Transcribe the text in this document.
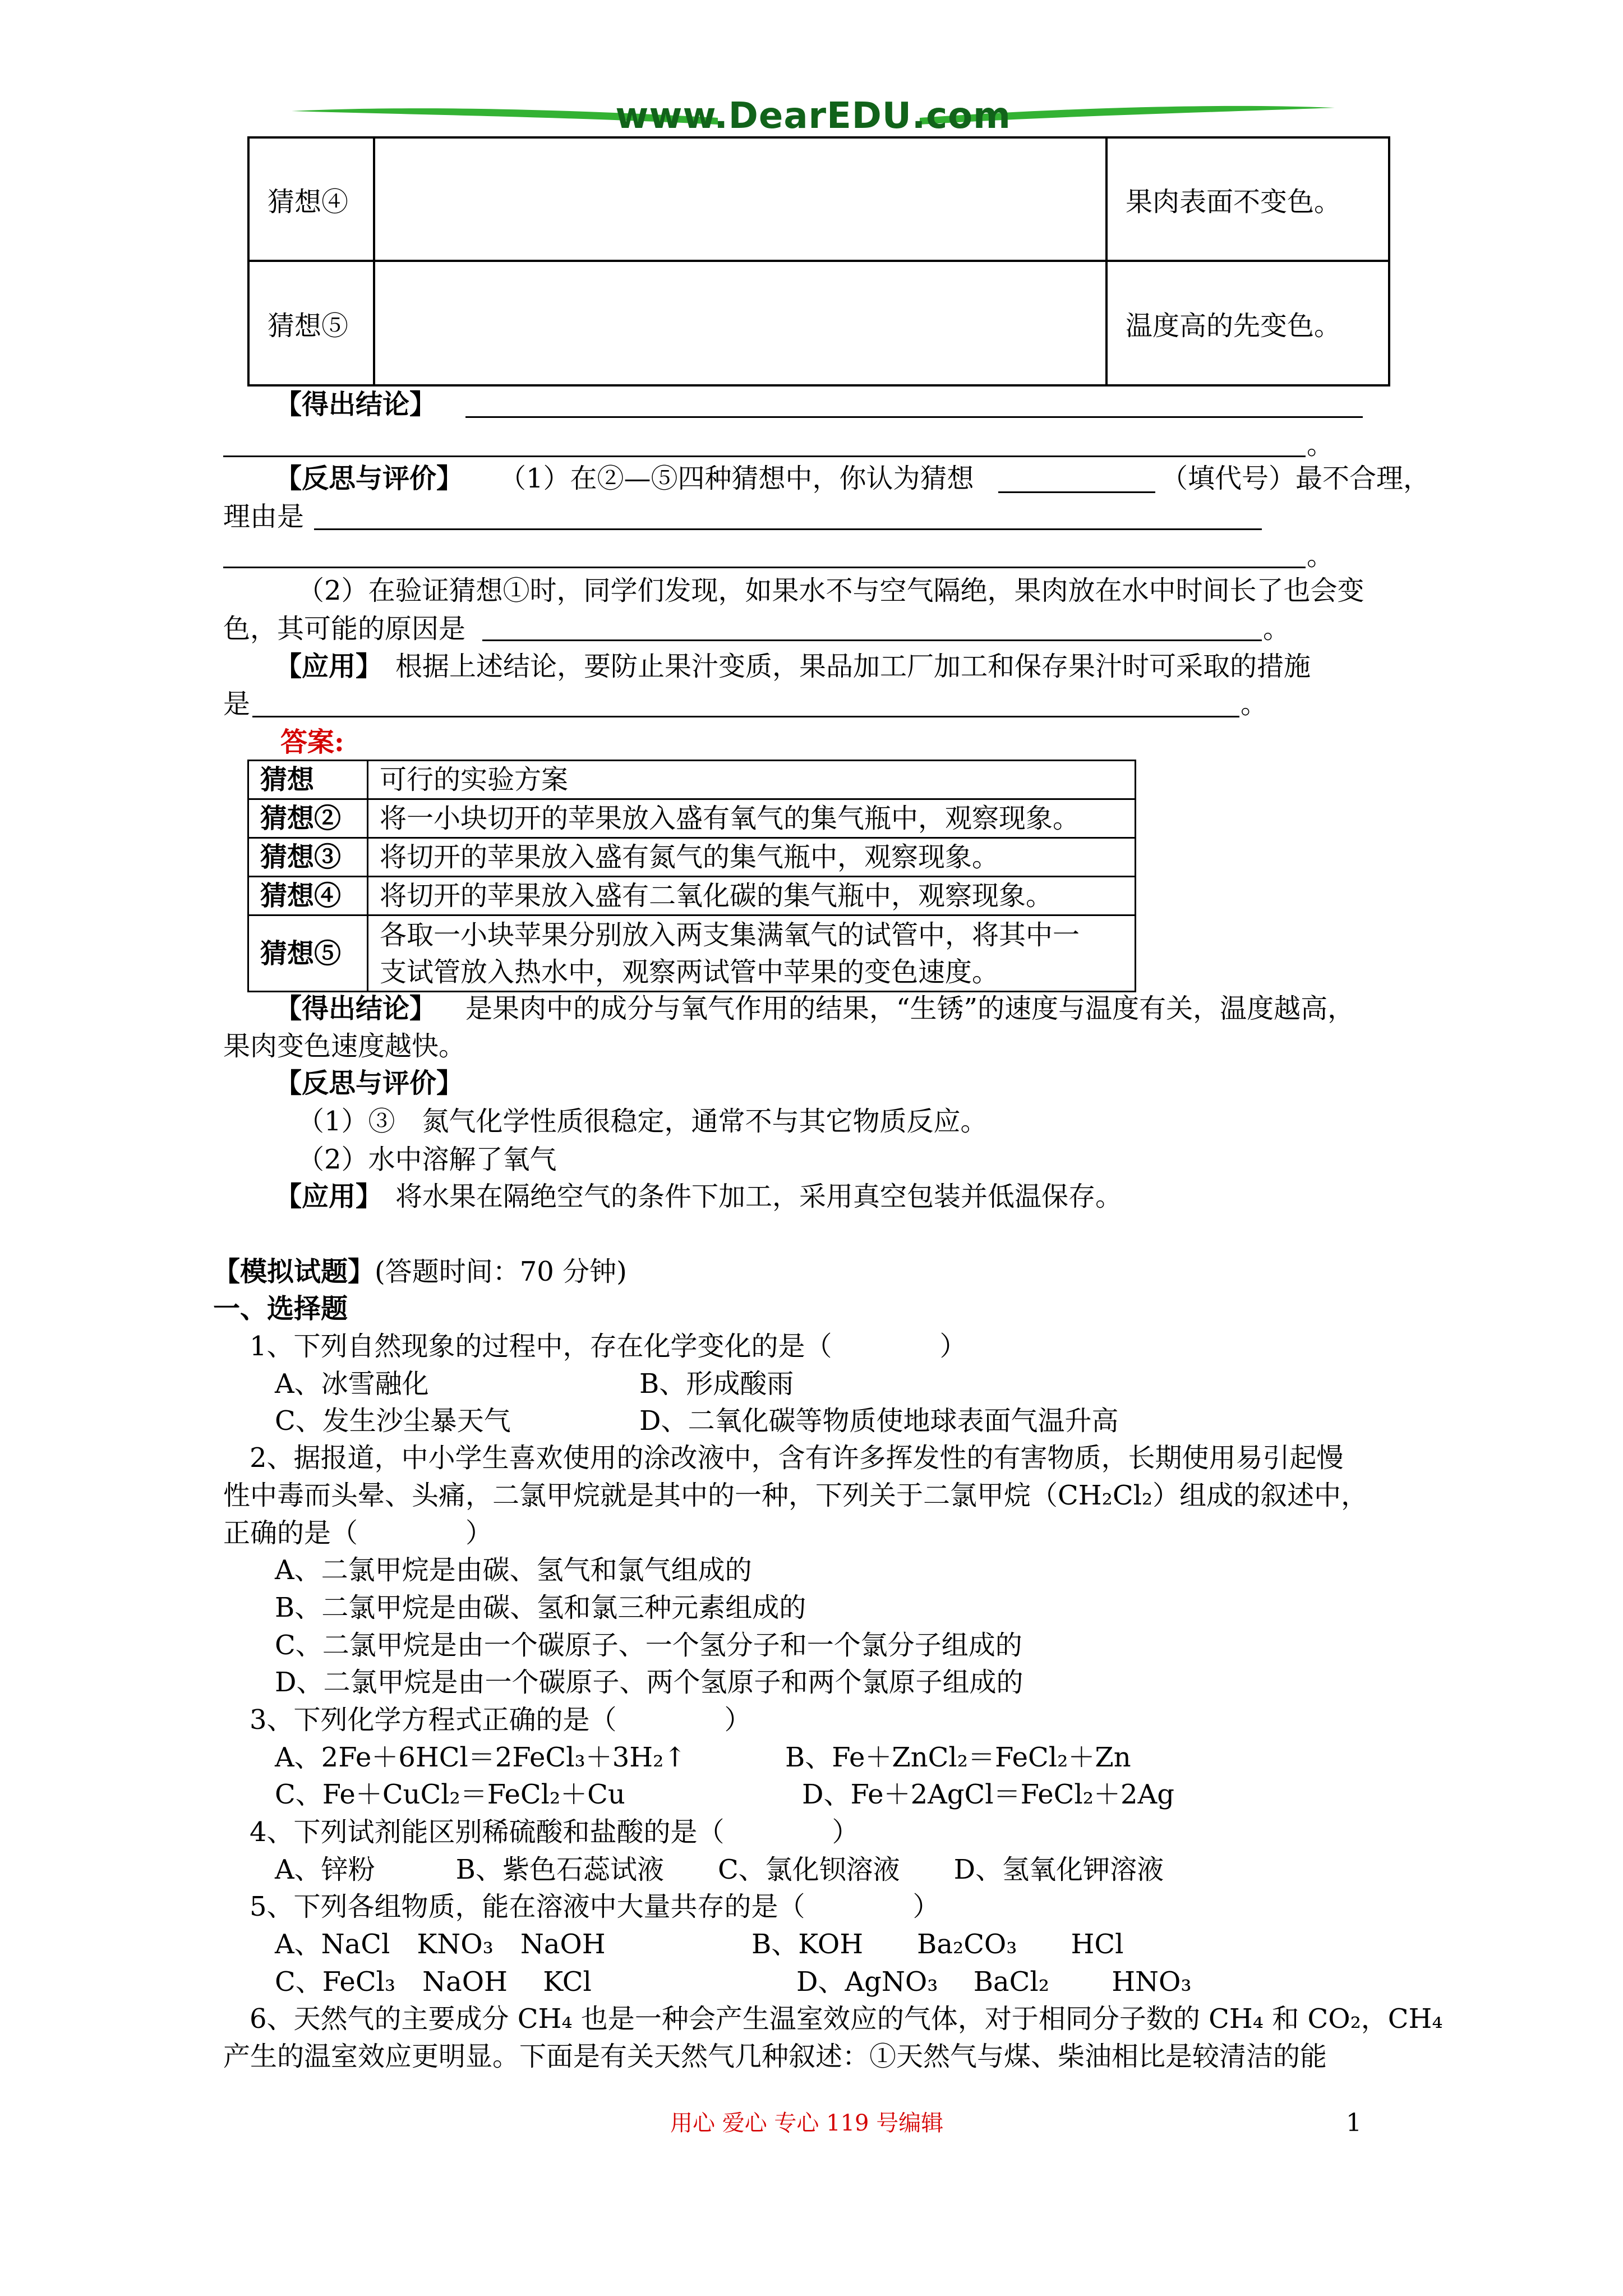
www.DearEDU.com
猜想④		果肉表面不变色。
猜想⑤		温度高的先变色。
【得出结论】
。
【反思与评价】 （1）在②—⑤四种猜想中，你认为猜想	（填代号）最不合理，
理由是
。
（2）在验证猜想①时，同学们发现，如果水不与空气隔绝，果肉放在水中时间长了也会变
色，其可能的原因是	。
【应用】 根据上述结论，要防止果汁变质，果品加工厂加工和保存果汁时可采取的措施
是	。
答案:
猜想	可行的实验方案
猜想②	将一小块切开的苹果放入盛有氧气的集气瓶中，观察现象。
猜想③	将切开的苹果放入盛有氮气的集气瓶中，观察现象。
猜想④	将切开的苹果放入盛有二氧化碳的集气瓶中，观察现象。
猜想⑤	各取一小块苹果分别放入两支集满氧气的试管中，将其中一
支试管放入热水中，观察两试管中苹果的变色速度。
【得出结论】 是果肉中的成分与氧气作用的结果，“生锈”的速度与温度有关，温度越高，
果肉变色速度越快。
【反思与评价】
（1）③　氮气化学性质很稳定，通常不与其它物质反应。
（2）水中溶解了氧气
【应用】 将水果在隔绝空气的条件下加工，采用真空包装并低温保存。
【模拟试题】(答题时间：70 分钟)
一、选择题
1、下列自然现象的过程中，存在化学变化的是（　　　　）
A、冰雪融化	B、形成酸雨
C、发生沙尘暴天气	D、二氧化碳等物质使地球表面气温升高
2、据报道，中小学生喜欢使用的涂改液中，含有许多挥发性的有害物质，长期使用易引起慢
性中毒而头晕、头痛，二氯甲烷就是其中的一种，下列关于二氯甲烷（CH₂Cl₂）组成的叙述中，
正确的是（　　　　）
A、二氯甲烷是由碳、氢气和氯气组成的
B、二氯甲烷是由碳、氢和氯三种元素组成的
C、二氯甲烷是由一个碳原子、一个氢分子和一个氯分子组成的
D、二氯甲烷是由一个碳原子、两个氢原子和两个氯原子组成的
3、下列化学方程式正确的是（　　　　）
A、2Fe＋6HCl＝2FeCl₃＋3H₂↑	B、Fe＋ZnCl₂＝FeCl₂＋Zn
C、Fe＋CuCl₂＝FeCl₂＋Cu	D、Fe＋2AgCl＝FeCl₂＋2Ag
4、下列试剂能区别稀硫酸和盐酸的是（　　　　）
A、锌粉　　　B、紫色石蕊试液　　C、氯化钡溶液　　D、氢氧化钾溶液
5、下列各组物质，能在溶液中大量共存的是（　　　　）
A、NaCl　KNO₃　NaOH	B、KOH　　Ba₂CO₃　　HCl
C、FeCl₃　NaOH　 KCl	D、AgNO₃　 BaCl₂　　 HNO₃
6、天然气的主要成分 CH₄ 也是一种会产生温室效应的气体，对于相同分子数的 CH₄ 和 CO₂，CH₄
产生的温室效应更明显。下面是有关天然气几种叙述：①天然气与煤、柴油相比是较清洁的能
用心 爱心 专心 119 号编辑	1
